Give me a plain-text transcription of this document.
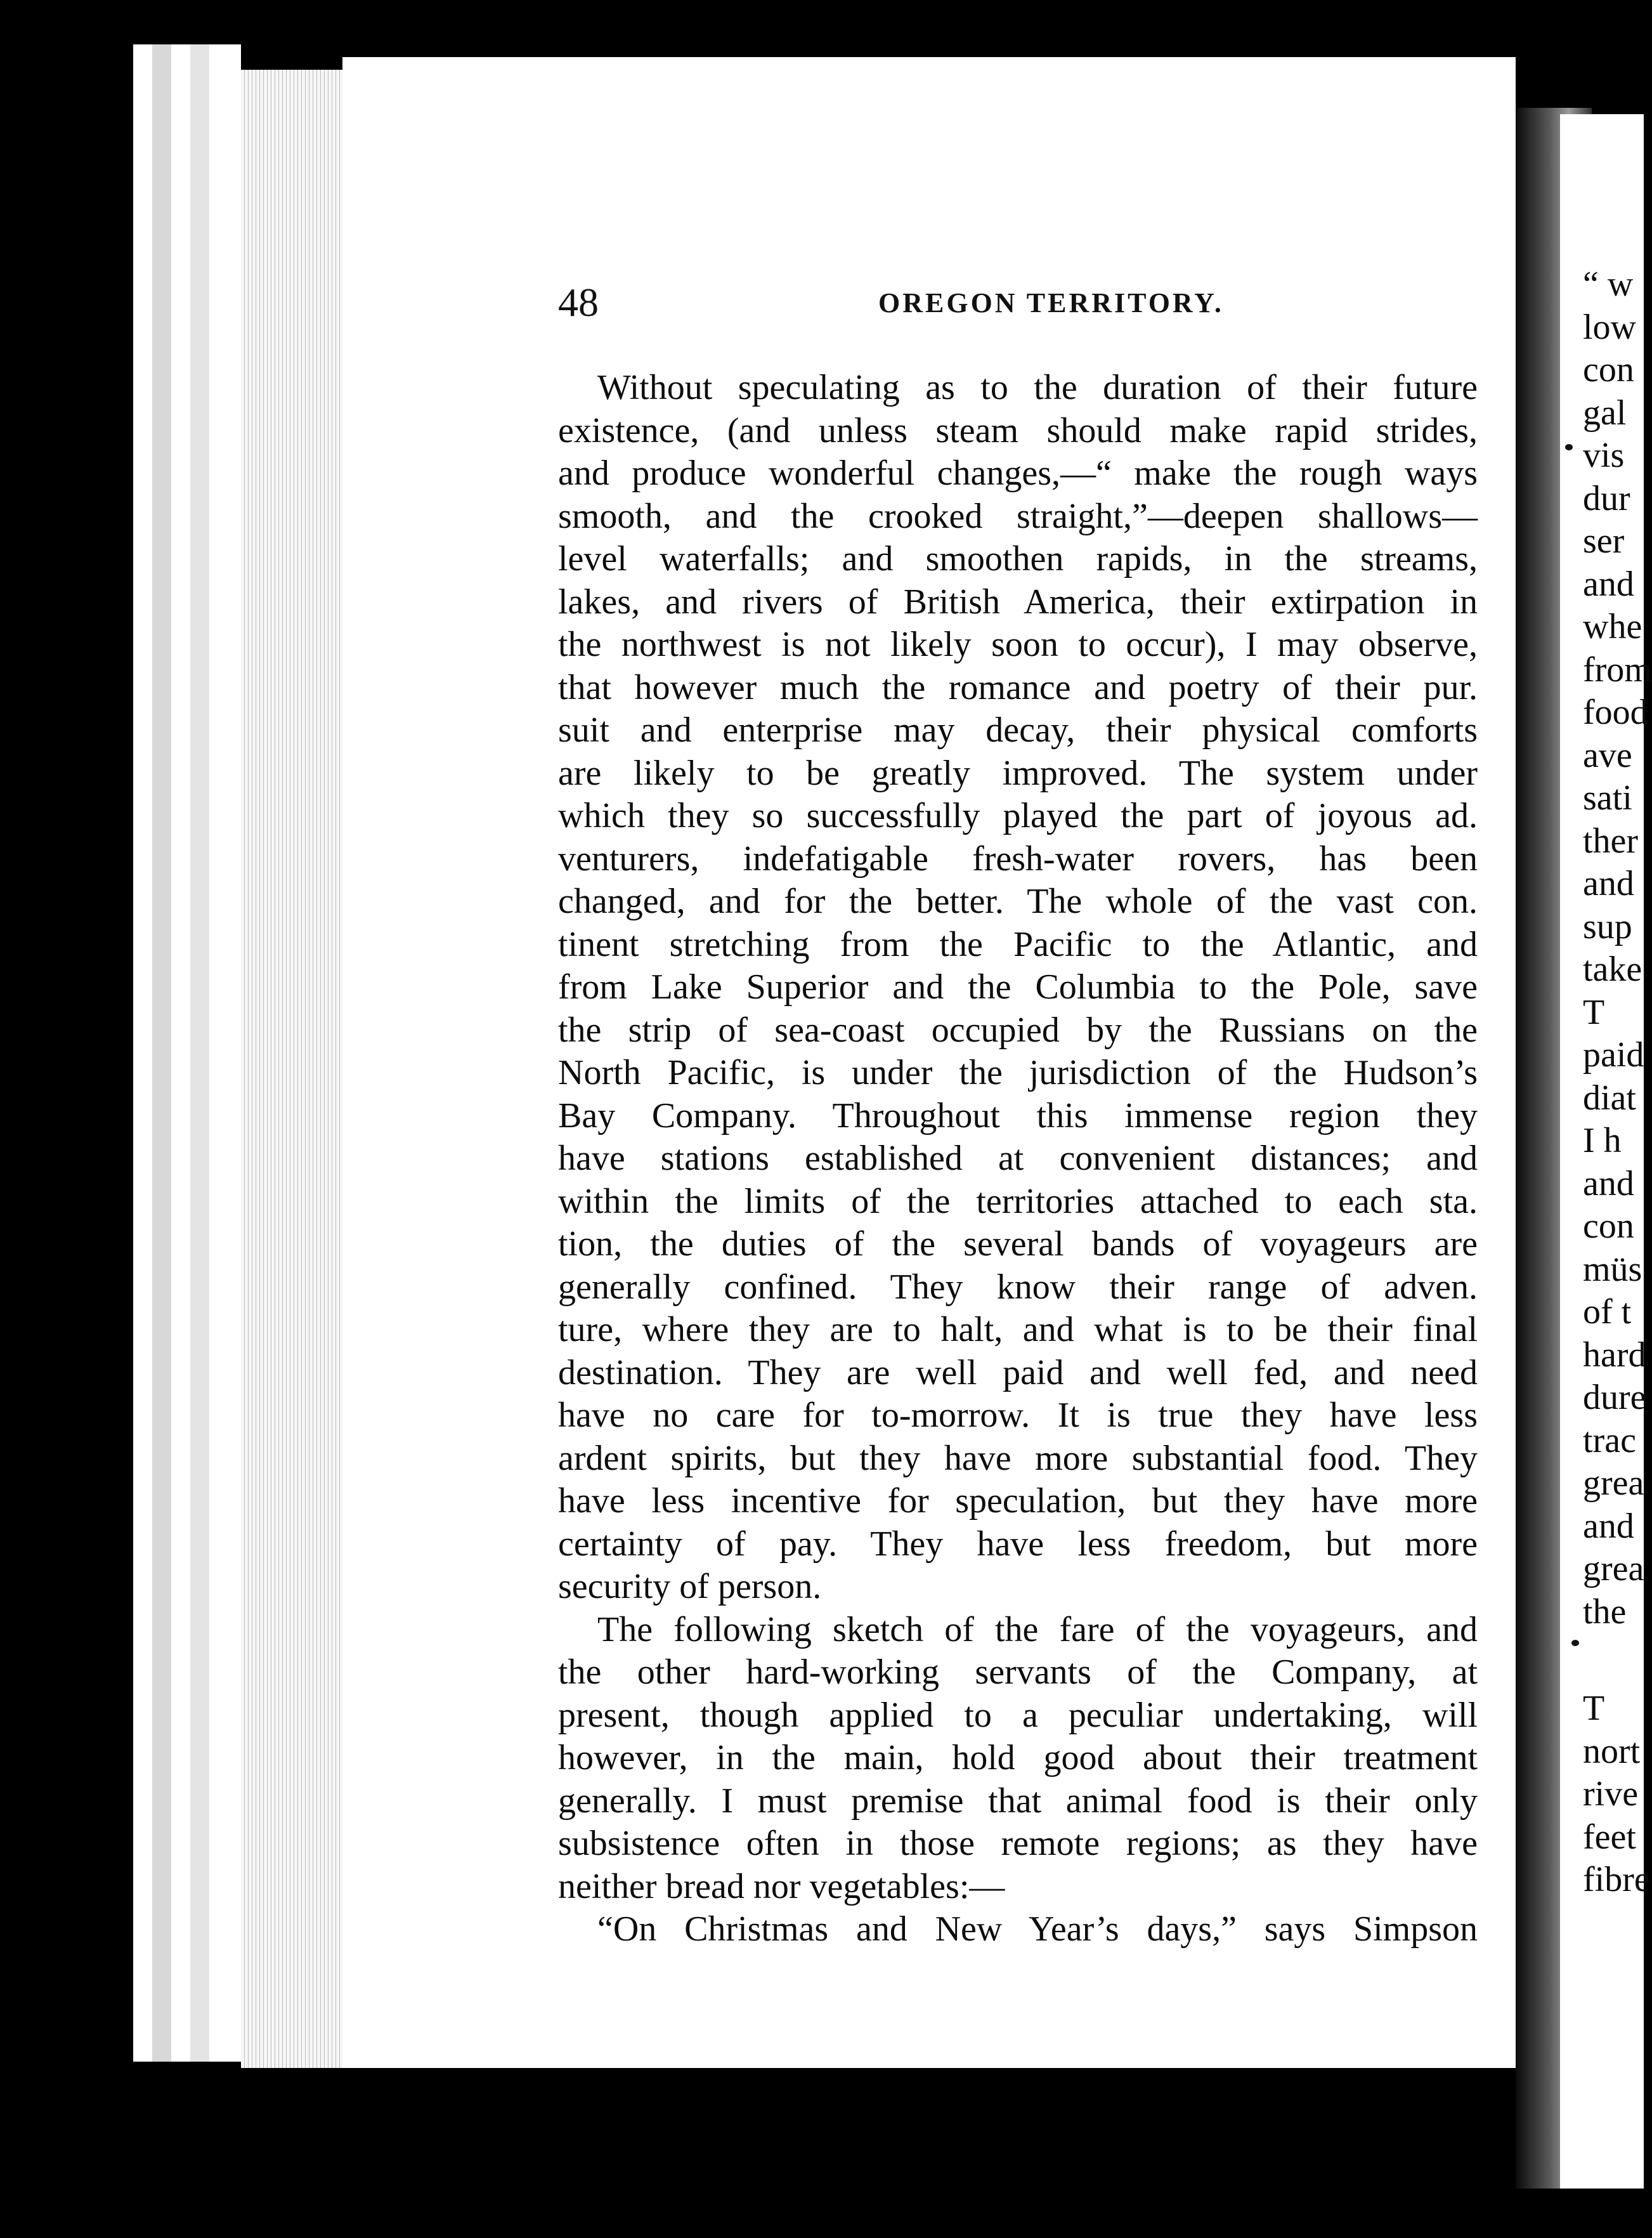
48	OREGON TERRITORY.
Without speculating as to the duration of their future
existence, (and unless steam should make rapid strides,
and produce wonderful changes,—“ make the rough ways
smooth, and the crooked straight,”—deepen shallows—
level waterfalls; and smoothen rapids, in the streams,
lakes, and rivers of British America, their extirpation in
the northwest is not likely soon to occur), I may observe,
that however much the romance and poetry of their pur.
suit and enterprise may decay, their physical comforts
are likely to be greatly improved. The system under
which they so successfully played the part of joyous ad.
venturers, indefatigable fresh-water rovers, has been
changed, and for the better. The whole of the vast con.
tinent stretching from the Pacific to the Atlantic, and
from Lake Superior and the Columbia to the Pole, save
the strip of sea-coast occupied by the Russians on the
North Pacific, is under the jurisdiction of the Hudson’s
Bay Company. Throughout this immense region they
have stations established at convenient distances; and
within the limits of the territories attached to each sta.
tion, the duties of the several bands of voyageurs are
generally confined. They know their range of adven.
ture, where they are to halt, and what is to be their final
destination. They are well paid and well fed, and need
have no care for to-morrow. It is true they have less
ardent spirits, but they have more substantial food. They
have less incentive for speculation, but they have more
certainty of pay. They have less freedom, but more
security of person.
The following sketch of the fare of the voyageurs, and
the other hard-working servants of the Company, at
present, though applied to a peculiar undertaking, will
however, in the main, hold good about their treatment
generally. I must premise that animal food is their only
subsistence often in those remote regions; as they have
neither bread nor vegetables:—
“On Christmas and New Year’s days,” says Simpson
“ w
low
con
gal
vis
dur
ser
and
whe
from
food
ave
sati
ther
and
sup
take
T
paid
diat
I h
and
con
müs
of t
hard
dure
trac
grea
and
grea
the
T
nort
rive
feet
fibre
